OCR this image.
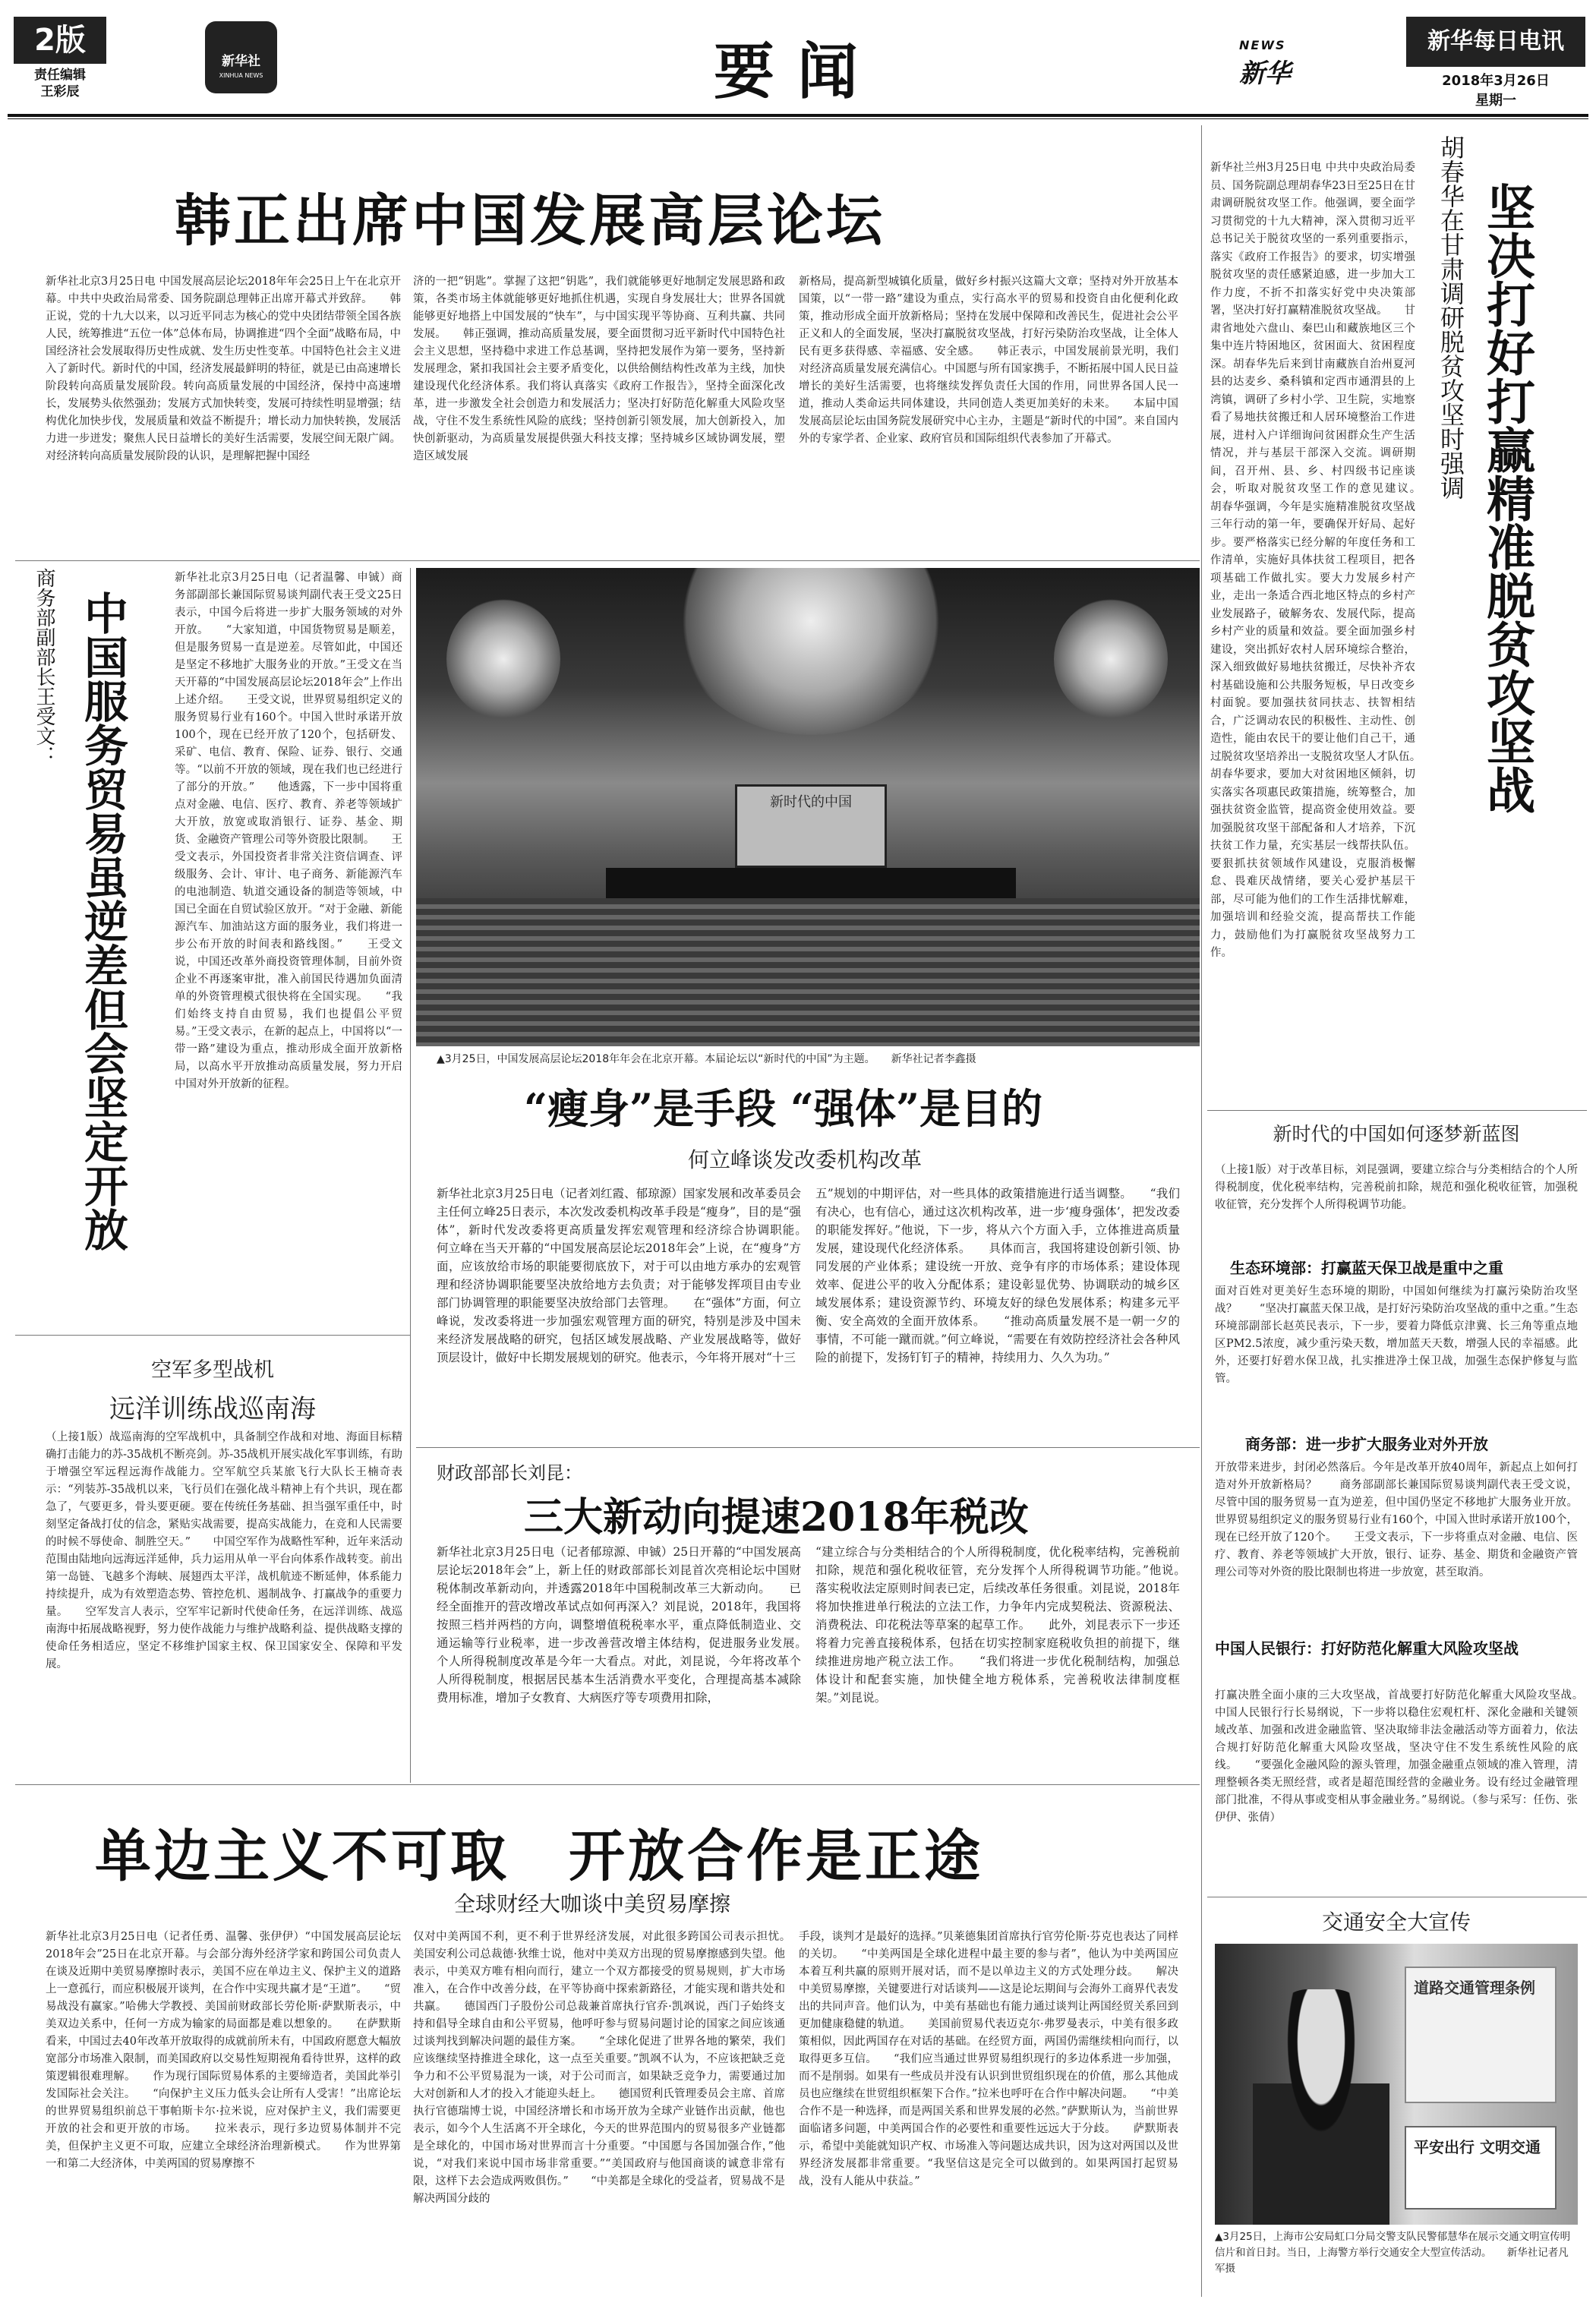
2版
责任编辑
王彩辰
新华社
XINHUA NEWS	要闻	NEWS
新华
新华每日电讯
2018年3月26日
星期一
韩正出席中国发展高层论坛
新华社北京3月25日电 中国发展高层论坛2018年年会25日上午在北京开幕。中共中央政治局常委、国务院副总理韩正出席开幕式并致辞。　　韩正说，党的十九大以来，以习近平同志为核心的党中央团结带领全国各族人民，统筹推进“五位一体”总体布局，协调推进“四个全面”战略布局，中国经济社会发展取得历史性成就、发生历史性变革。中国特色社会主义进入了新时代。新时代的中国，经济发展最鲜明的特征，就是已由高速增长阶段转向高质量发展阶段。转向高质量发展的中国经济，保持中高速增长，发展势头依然强劲；发展方式加快转变，发展可持续性明显增强；结构优化加快步伐，发展质量和效益不断提升；增长动力加快转换，发展活力进一步迸发；聚焦人民日益增长的美好生活需要，发展空间无限广阔。对经济转向高质量发展阶段的认识，是理解把握中国经
济的一把“钥匙”。掌握了这把“钥匙”，我们就能够更好地制定发展思路和政策，各类市场主体就能够更好地抓住机遇，实现自身发展壮大；世界各国就能够更好地搭上中国发展的“快车”，与中国实现平等协商、互利共赢、共同发展。　　韩正强调，推动高质量发展，要全面贯彻习近平新时代中国特色社会主义思想，坚持稳中求进工作总基调，坚持把发展作为第一要务，坚持新发展理念，紧扣我国社会主要矛盾变化，以供给侧结构性改革为主线，加快建设现代化经济体系。我们将认真落实《政府工作报告》，坚持全面深化改革，进一步激发全社会创造力和发展活力；坚决打好防范化解重大风险攻坚战，守住不发生系统性风险的底线；坚持创新引领发展，加大创新投入，加快创新驱动，为高质量发展提供强大科技支撑；坚持城乡区域协调发展，塑造区域发展
新格局，提高新型城镇化质量，做好乡村振兴这篇大文章；坚持对外开放基本国策，以“一带一路”建设为重点，实行高水平的贸易和投资自由化便利化政策，推动形成全面开放新格局；坚持在发展中保障和改善民生，促进社会公平正义和人的全面发展，坚决打赢脱贫攻坚战，打好污染防治攻坚战，让全体人民有更多获得感、幸福感、安全感。　　韩正表示，中国发展前景光明，我们对经济高质量发展充满信心。中国愿与所有国家携手，不断拓展中国人民日益增长的美好生活需要，也将继续发挥负责任大国的作用，同世界各国人民一道，推动人类命运共同体建设，共同创造人类更加美好的未来。　　本届中国发展高层论坛由国务院发展研究中心主办，主题是“新时代的中国”。来自国内外的专家学者、企业家、政府官员和国际组织代表参加了开幕式。
商务部副部长王受文： 中国服务贸易虽逆差但会坚定开放
新华社北京3月25日电（记者温馨、申铖）商务部副部长兼国际贸易谈判副代表王受文25日表示，中国今后将进一步扩大服务领域的对外开放。　　“大家知道，中国货物贸易是顺差，但是服务贸易一直是逆差。尽管如此，中国还是坚定不移地扩大服务业的开放。”王受文在当天开幕的“中国发展高层论坛2018年会”上作出上述介绍。　　王受文说，世界贸易组织定义的服务贸易行业有160个。中国入世时承诺开放100个，现在已经开放了120个，包括研发、采矿、电信、教育、保险、证券、银行、交通等。“以前不开放的领域，现在我们也已经进行了部分的开放。”　　他透露，下一步中国将重点对金融、电信、医疗、教育、养老等领域扩大开放，放宽或取消银行、证券、基金、期货、金融资产管理公司等外资股比限制。　　王受文表示，外国投资者非常关注资信调查、评级服务、会计、审计、电子商务、新能源汽车的电池制造、轨道交通设备的制造等领域，中国已全面在自贸试验区放开。“对于金融、新能源汽车、加油站这方面的服务业，我们将进一步公布开放的时间表和路线图。”　　王受文说，中国还改革外商投资管理体制，目前外资企业不再逐案审批，准入前国民待遇加负面清单的外资管理模式很快将在全国实现。　　“我们始终支持自由贸易，我们也提倡公平贸易。”王受文表示，在新的起点上，中国将以“一带一路”建设为重点，推动形成全面开放新格局，以高水平开放推动高质量发展，努力开启中国对外开放新的征程。
新时代的中国
▲3月25日，中国发展高层论坛2018年年会在北京开幕。本届论坛以“新时代的中国”为主题。　　新华社记者李鑫摄
“瘦身”是手段 “强体”是目的
何立峰谈发改委机构改革
新华社北京3月25日电（记者刘红霞、郁琼源）国家发展和改革委员会主任何立峰25日表示，本次发改委机构改革手段是“瘦身”，目的是“强体”，新时代发改委将更高质量发挥宏观管理和经济综合协调职能。　　何立峰在当天开幕的“中国发展高层论坛2018年会”上说，在“瘦身”方面，应该放给市场的职能要彻底放下，对于可以由地方承办的宏观管理和经济协调职能要坚决放给地方去负责；对于能够发挥项目由专业部门协调管理的职能要坚决放给部门去管理。　　在“强体”方面，何立峰说，发改委将进一步加强宏观管理方面的研究，特别是涉及中国未来经济发展战略的研究，包括区域发展战略、产业发展战略等，做好顶层设计，做好中长期发展规划的研究。他表示，今年将开展对“十三
五”规划的中期评估，对一些具体的政策措施进行适当调整。　　“我们有决心，也有信心，通过这次机构改革，进一步‘瘦身强体’，把发改委的职能发挥好。”他说，下一步，将从六个方面入手，立体推进高质量发展，建设现代化经济体系。　　具体而言，我国将建设创新引领、协同发展的产业体系；建设统一开放、竞争有序的市场体系；建设体现效率、促进公平的收入分配体系；建设彰显优势、协调联动的城乡区域发展体系；建设资源节约、环境友好的绿色发展体系；构建多元平衡、安全高效的全面开放体系。　　“推动高质量发展不是一朝一夕的事情，不可能一蹴而就。”何立峰说，“需要在有效防控经济社会各种风险的前提下，发扬钉钉子的精神，持续用力、久久为功。”
空军多型战机
远洋训练战巡南海
（上接1版）战巡南海的空军战机中，具备制空作战和对地、海面目标精确打击能力的苏-35战机不断亮剑。苏-35战机开展实战化军事训练，有助于增强空军远程远海作战能力。空军航空兵某旅飞行大队长王楠奇表示：“列装苏-35战机以来，飞行员们在强化战斗精神上有个共识，现在都急了，气要更多，骨头要更硬。要在传统任务基础、担当强军重任中，时刻坚定备战打仗的信念，紧贴实战需要，提高实战能力，在竞和人民需要的时候不辱使命、制胜空天。”　　中国空军作为战略性军种，近年来活动范围由陆地向远海远洋延伸，兵力运用从单一平台向体系作战转变。前出第一岛链、飞越多个海峡、展翅西太平洋，战机航迹不断延伸，体系能力持续提升，成为有效塑造态势、管控危机、遏制战争、打赢战争的重要力量。　　空军发言人表示，空军牢记新时代使命任务，在远洋训练、战巡南海中拓展战略视野，努力使作战能力与维护战略利益、提供战略支撑的使命任务相适应，坚定不移维护国家主权、保卫国家安全、保障和平发展。
财政部部长刘昆：
三大新动向提速2018年税改
新华社北京3月25日电（记者郁琼源、申铖）25日开幕的“中国发展高层论坛2018年会”上，新上任的财政部部长刘昆首次亮相论坛中国财税体制改革新动向，并透露2018年中国税制改革三大新动向。　　已经全面推开的营改增改革试点如何再深入？刘昆说，2018年，我国将按照三档并两档的方向，调整增值税税率水平，重点降低制造业、交通运输等行业税率，进一步改善营改增主体结构，促进服务业发展。　　个人所得税制度改革是今年一大看点。对此，刘昆说，今年将改革个人所得税制度，根据居民基本生活消费水平变化，合理提高基本减除费用标准，增加子女教育、大病医疗等专项费用扣除，
“建立综合与分类相结合的个人所得税制度，优化税率结构，完善税前扣除，规范和强化税收征管，充分发挥个人所得税调节功能。”他说。　　落实税收法定原则时间表已定，后续改革任务很重。刘昆说，2018年将加快推进单行税法的立法工作，力争年内完成契税法、资源税法、消费税法、印花税法等草案的起草工作。　　此外，刘昆表示下一步还将着力完善直接税体系，包括在切实控制家庭税收负担的前提下，继续推进房地产税立法工作。　　“我们将进一步优化税制结构，加强总体设计和配套实施，加快健全地方税体系，完善税收法律制度框架。”刘昆说。
单边主义不可取　开放合作是正途
全球财经大咖谈中美贸易摩擦
新华社北京3月25日电（记者任勇、温馨、张伊伊）“中国发展高层论坛2018年会”25日在北京开幕。与会部分海外经济学家和跨国公司负责人在谈及近期中美贸易摩擦时表示，美国不应在单边主义、保护主义的道路上一意孤行，而应积极展开谈判，在合作中实现共赢才是“王道”。　　“贸易战没有赢家。”哈佛大学教授、美国前财政部长劳伦斯·萨默斯表示，中美双边关系中，任何一方成为输家的局面都是难以想象的。　　在萨默斯看来，中国过去40年改革开放取得的成就前所未有，中国政府愿意大幅放宽部分市场准入限制，而美国政府以交易性短期视角看待世界，这样的政策逻辑很难理解。　　作为现行国际贸易体系的主要缔造者，美国此举引发国际社会关注。　　“向保护主义压力低头会让所有人受害！”出席论坛的世界贸易组织前总干事帕斯卡尔·拉米说，应对保护主义，我们需要更开放的社会和更开放的市场。　　拉米表示，现行多边贸易体制并不完美，但保护主义更不可取，应建立全球经济治理新模式。　　作为世界第一和第二大经济体，中美两国的贸易摩擦不
仅对中美两国不利，更不利于世界经济发展，对此很多跨国公司表示担忧。　　美国安利公司总裁德·狄维士说，他对中美双方出现的贸易摩擦感到失望。他表示，中美双方唯有相向而行，建立一个双方都接受的贸易规则，扩大市场准入，在合作中改善分歧，在平等协商中探索新路径，才能实现和谐共处和共赢。　　德国西门子股份公司总裁兼首席执行官乔·凯飒说，西门子始终支持和倡导全球自由和公平贸易，他呼吁参与贸易问题讨论的国家之间应该通过谈判找到解决问题的最佳方案。　　“全球化促进了世界各地的繁荣，我们应该继续坚持推进全球化，这一点至关重要。”凯飒不认为，不应该把缺乏竞争力和不公平贸易混为一谈，对于公司而言，如果缺乏竞争力，需要通过加大对创新和人才的投入才能迎头赶上。　　德国贸利氏管理委员会主席、首席执行官德瑞博士说，中国经济增长和市场开放为全球产业链作出贡献，他也表示，如今个人生活离不开全球化，今天的世界范围内的贸易很多产业链都是全球化的，中国市场对世界而言十分重要。“中国愿与各国加强合作，”他说，“对我们来说中国市场非常重要。”“美国政府与他国商谈的诚意非常有限，这样下去会造成两败俱伤。”　　“中美都是全球化的受益者，贸易战不是解决两国分歧的
手段，谈判才是最好的选择。”贝莱德集团首席执行官劳伦斯·芬克也表达了同样的关切。　　“中美两国是全球化进程中最主要的参与者”，他认为中美两国应本着互利共赢的原则开展对话，而不是以单边主义的方式处理分歧。　　解决中美贸易摩擦，关键要进行对话谈判——这是论坛期间与会海外工商界代表发出的共同声音。他们认为，中美有基础也有能力通过谈判让两国经贸关系回到更加健康稳健的轨道。　　美国前贸易代表迈克尔·弗罗曼表示，中美有很多政策相似，因此两国存在对话的基础。在经贸方面，两国仍需继续相向而行，以取得更多互信。　　“我们应当通过世界贸易组织现行的多边体系进一步加强，而不是削弱。如果有一些成员并没有认识到世贸组织现在的价值，那么其他成员也应继续在世贸组织框架下合作。”拉米也呼吁在合作中解决问题。　　“中美合作不是一种选择，而是两国关系和世界发展的必然。”萨默斯认为，当前世界面临诸多问题，中美两国合作的必要性和重要性远远大于分歧。　　萨默斯表示，希望中美能就知识产权、市场准入等问题达成共识，因为这对两国以及世界经济发展都非常重要。“我坚信这是完全可以做到的。如果两国打起贸易战，没有人能从中获益。”
新华社兰州3月25日电 中共中央政治局委员、国务院副总理胡春华23日至25日在甘肃调研脱贫攻坚工作。他强调，要全面学习贯彻党的十九大精神，深入贯彻习近平总书记关于脱贫攻坚的一系列重要指示，落实《政府工作报告》的要求，切实增强脱贫攻坚的责任感紧迫感，进一步加大工作力度，不折不扣落实好党中央决策部署，坚决打好打赢精准脱贫攻坚战。　　甘肃省地处六盘山、秦巴山和藏族地区三个集中连片特困地区，贫困面大、贫困程度深。胡春华先后来到甘南藏族自治州夏河县的达麦乡、桑科镇和定西市通渭县的上湾镇，调研了乡村小学、卫生院，实地察看了易地扶贫搬迁和人居环境整治工作进展，进村入户详细询问贫困群众生产生活情况，并与基层干部深入交流。调研期间，召开州、县、乡、村四级书记座谈会，听取对脱贫攻坚工作的意见建议。　　胡春华强调，今年是实施精准脱贫攻坚战三年行动的第一年，要确保开好局、起好步。要严格落实已经分解的年度任务和工作清单，实施好具体扶贫工程项目，把各项基础工作做扎实。要大力发展乡村产业，走出一条适合西北地区特点的乡村产业发展路子，破解务农、发展代际，提高乡村产业的质量和效益。要全面加强乡村建设，突出抓好农村人居环境综合整治，深入细致做好易地扶贫搬迁，尽快补齐农村基础设施和公共服务短板，早日改变乡村面貌。要加强扶贫同扶志、扶智相结合，广泛调动农民的积极性、主动性、创造性，能由农民干的要让他们自己干，通过脱贫攻坚培养出一支脱贫攻坚人才队伍。　　胡春华要求，要加大对贫困地区倾斜，切实落实各项惠民政策措施，统筹整合，加强扶贫资金监管，提高资金使用效益。要加强脱贫攻坚干部配备和人才培养，下沉扶贫工作力量，充实基层一线帮扶队伍。要狠抓扶贫领域作风建设，克服消极懈怠、畏难厌战情绪，要关心爱护基层干部，尽可能为他们的工作生活排忧解难，加强培训和经验交流，提高帮扶工作能力，鼓励他们为打赢脱贫攻坚战努力工作。
胡春华在甘肃调研脱贫攻坚时强调 坚决打好打赢精准脱贫攻坚战
新时代的中国如何逐梦新蓝图
（上接1版）对于改革目标，刘昆强调，要建立综合与分类相结合的个人所得税制度，优化税率结构，完善税前扣除，规范和强化税收征管，加强税收征管，充分发挥个人所得税调节功能。
生态环境部：打赢蓝天保卫战是重中之重
面对百姓对更美好生态环境的期盼，中国如何继续为打赢污染防治攻坚战？　　“坚决打赢蓝天保卫战，是打好污染防治攻坚战的重中之重。”生态环境部副部长赵英民表示，下一步，要着力降低京津冀、长三角等重点地区PM2.5浓度，减少重污染天数，增加蓝天天数，增强人民的幸福感。此外，还要打好碧水保卫战，扎实推进净土保卫战，加强生态保护修复与监管。
商务部：进一步扩大服务业对外开放
开放带来进步，封闭必然落后。今年是改革开放40周年，新起点上如何打造对外开放新格局？　　商务部副部长兼国际贸易谈判副代表王受文说，尽管中国的服务贸易一直为逆差，但中国仍坚定不移地扩大服务业开放。世界贸易组织定义的服务贸易行业有160个，中国入世时承诺开放100个，现在已经开放了120个。　　王受文表示，下一步将重点对金融、电信、医疗、教育、养老等领域扩大开放，银行、证券、基金、期货和金融资产管理公司等对外资的股比限制也将进一步放宽，甚至取消。
中国人民银行：打好防范化解重大风险攻坚战
打赢决胜全面小康的三大攻坚战，首战要打好防范化解重大风险攻坚战。　　中国人民银行行长易纲说，下一步将以稳住宏观杠杆、深化金融和关键领域改革、加强和改进金融监管、坚决取缔非法金融活动等方面着力，依法合规打好防范化解重大风险攻坚战，坚决守住不发生系统性风险的底线。　　“要强化金融风险的源头管理，加强金融重点领域的准入管理，清理整顿各类无照经营，或者是超范围经营的金融业务。设有经过金融管理部门批准，不得从事或变相从事金融业务。”易纲说。（参与采写：任伤、张伊伊、张倩）
交通安全大宣传
道路交通管理条例
平安出行 文明交通
▲3月25日，上海市公安局虹口分局交警支队民警郁慧华在展示交通文明宣传明信片和首日封。当日，上海警方举行交通安全大型宣传活动。　　新华社记者凡军摄
